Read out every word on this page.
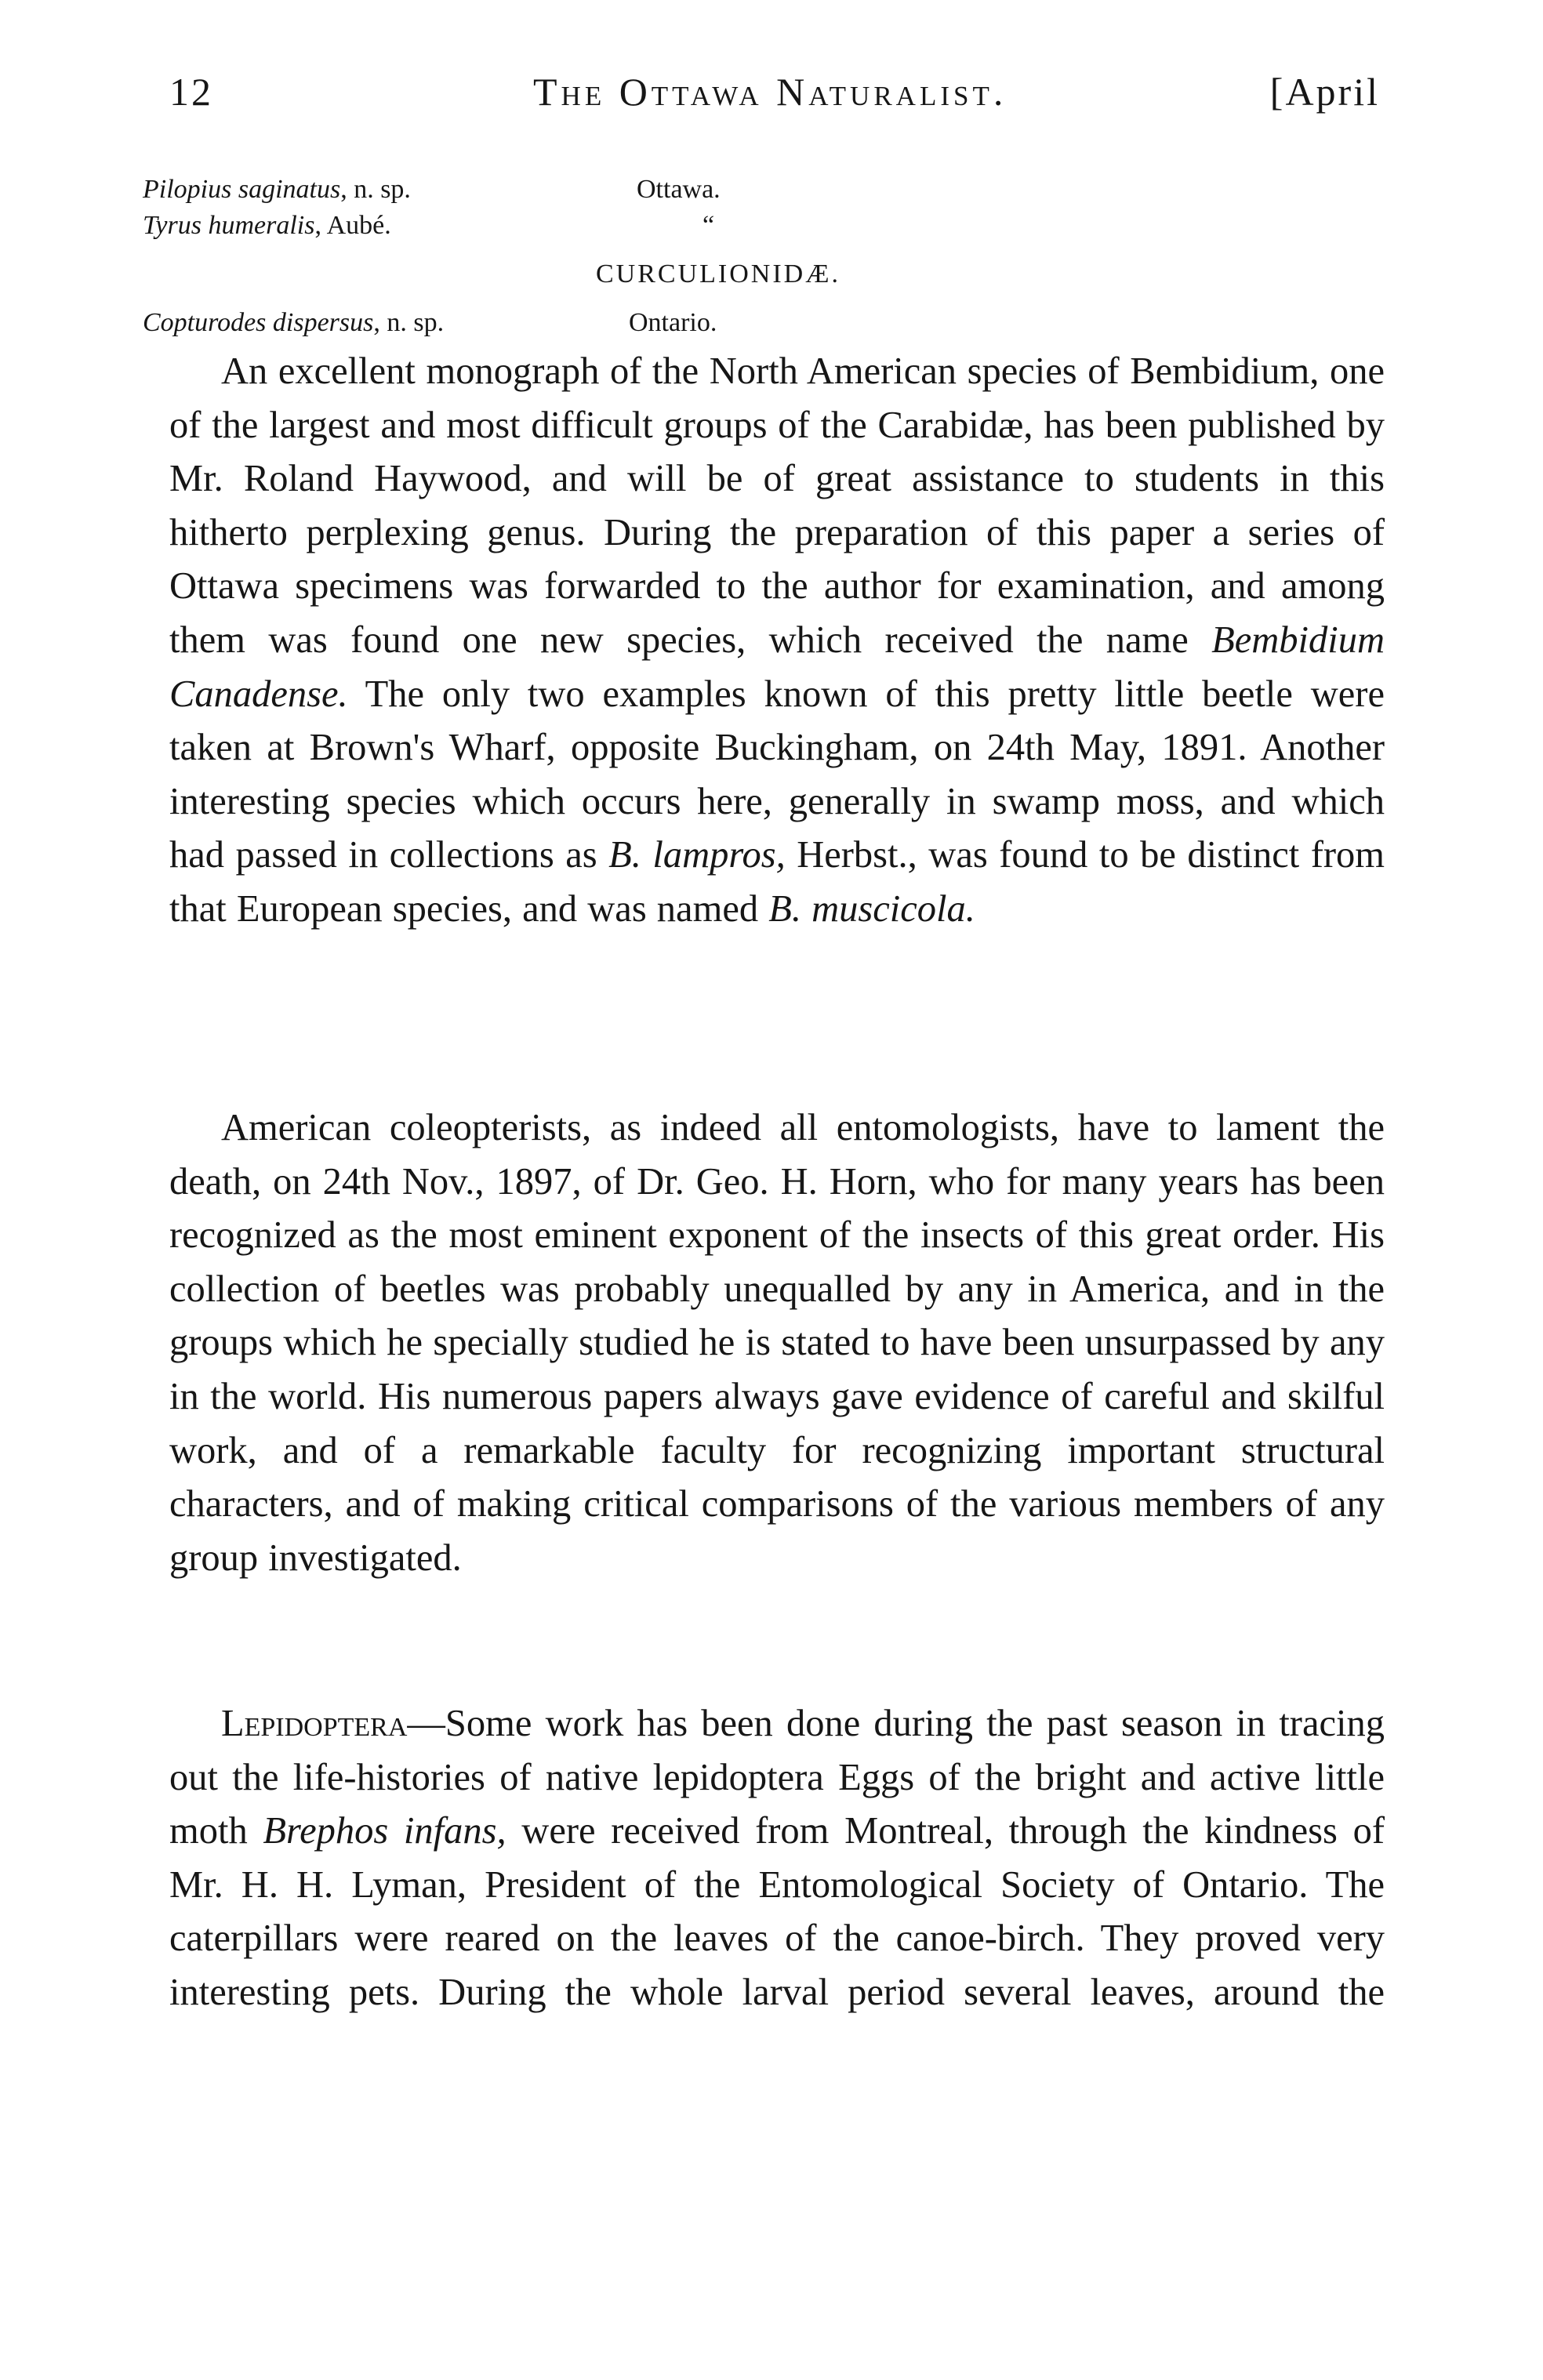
12	The Ottawa Naturalist.	[April
Pilopius saginatus, n. sp.	Ottawa.
Tyrus humeralis, Aubé.	“
CURCULIONIDÆ.
Copturodes dispersus, n. sp.	Ontario.

An excellent monograph of the North American species of Bembidium, one of the largest and most difficult groups of the Carabidæ, has been published by Mr. Roland Haywood, and will be of great assistance to students in this hitherto perplexing genus. During the preparation of this paper a series of Ottawa specimens was forwarded to the author for examination, and among them was found one new species, which received the name Bembidium Canadense. The only two examples known of this pretty little beetle were taken at Brown's Wharf, opposite Buckingham, on 24th May, 1891. Another interesting species which occurs here, generally in swamp moss, and which had passed in collections as B. lampros, Herbst., was found to be distinct from that European species, and was named B. muscicola.

American coleopterists, as indeed all entomologists, have to lament the death, on 24th Nov., 1897, of Dr. Geo. H. Horn, who for many years has been recognized as the most eminent exponent of the insects of this great order. His collection of beetles was probably unequalled by any in America, and in the groups which he specially studied he is stated to have been unsurpassed by any in the world. His numerous papers always gave evidence of careful and skilful work, and of a remarkable faculty for recognizing important structural characters, and of making critical comparisons of the various members of any group investigated.

Lepidoptera—Some work has been done during the past season in tracing out the life-histories of native lepidoptera Eggs of the bright and active little moth Brephos infans, were received from Montreal, through the kindness of Mr. H. H. Lyman, President of the Entomological Society of Ontario. The caterpillars were reared on the leaves of the canoe-birch. They proved very interesting pets. During the whole larval period several leaves, around the
